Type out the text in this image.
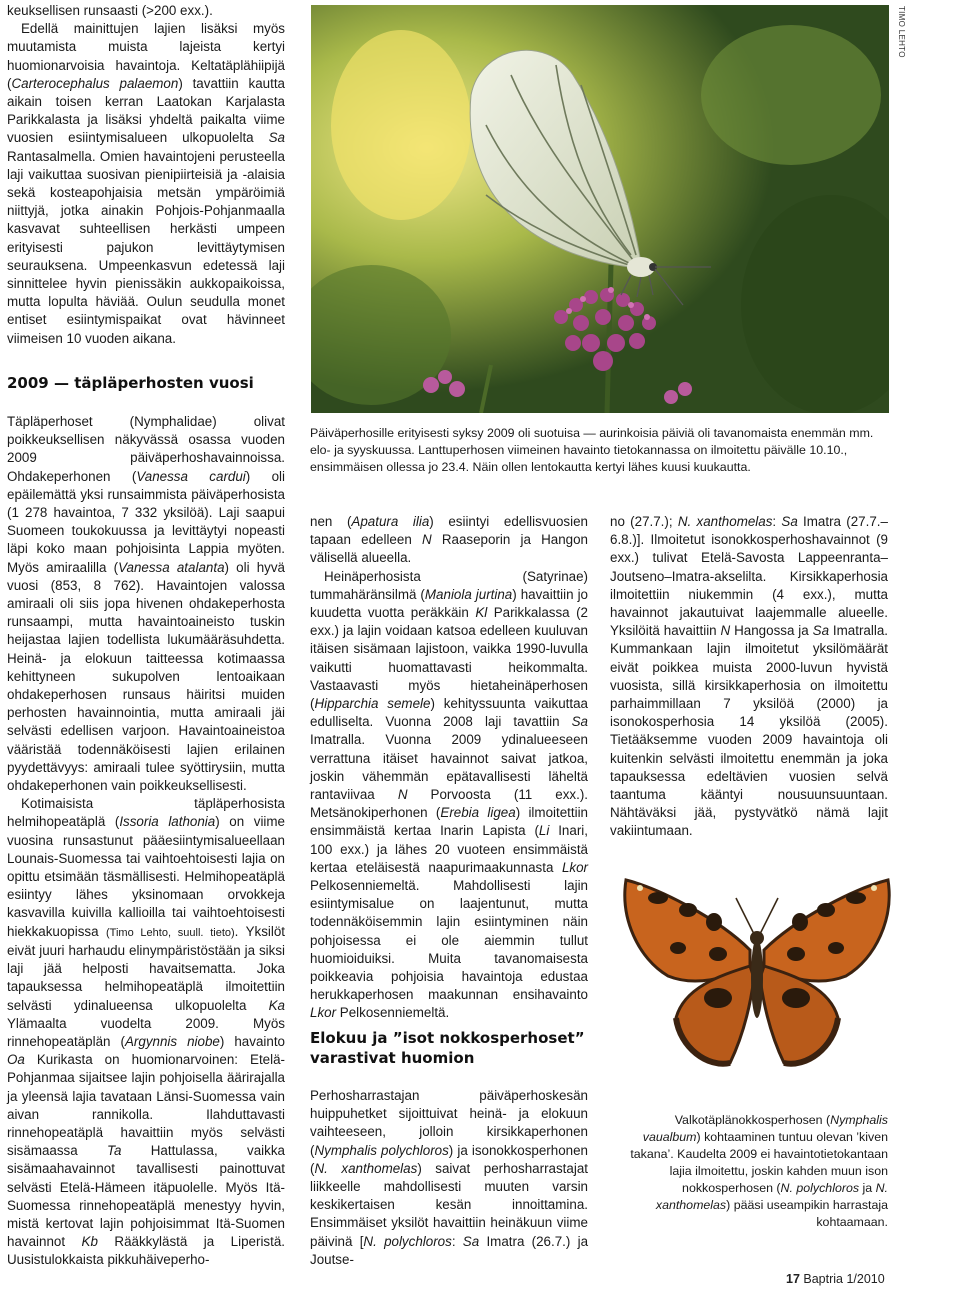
keuksellisen runsaasti (>200 exx.).

Edellä mainittujen lajien lisäksi myös muutamista muista lajeista kertyi huomionarvoisia havaintoja. Keltatäplähiipijä (Carterocephalus palaemon) tavattiin kautta aikain toisen kerran Laatokan Karjalasta Parikkalasta ja lisäksi yhdeltä paikalta viime vuosien esiintymisalueen ulkopuolelta Sa Rantasalmella. Omien havaintojeni perusteella laji vaikuttaa suosivan pienipiirteisiä ja -alaisia sekä kosteapohjaisia metsän ympäröimiä niittyjä, jotka ainakin Pohjois-Pohjanmaalla kasvavat suhteellisen herkästi umpeen erityisesti pajukon levittäytymisen seurauksena. Umpeenkasvun edetessä laji sinnittelee hyvin pienissäkin aukkopaikoissa, mutta lopulta häviää. Oulun seudulla monet entiset esiintymispaikat ovat hävinneet viimeisen 10 vuoden aikana.

2009 — täpläperhosten vuosi

Täpläperhoset (Nymphalidae) olivat poikkeuksellisen näkyvässä osassa vuoden 2009 päiväperhoshavainnoissa. Ohdakeperhonen (Vanessa cardui) oli epäilemättä yksi runsaimmista päiväperhosista (1 278 havaintoa, 7 332 yksilöä). Laji saapui Suomeen toukokuussa ja levittäytyi nopeasti läpi koko maan pohjoisinta Lappia myöten. Myös amiraalilla (Vanessa atalanta) oli hyvä vuosi (853, 8 762). Havaintojen valossa amiraali oli siis jopa hivenen ohdakeperhosta runsaampi, mutta havaintoaineisto tuskin heijastaa lajien todellista lukumääräsuhdetta. Heinä- ja elokuun taitteessa kotimaassa kehittyneen sukupolven lentoaikaan ohdakeperhosen runsaus häiritsi muiden perhosten havainnointia, mutta amiraali jäi selvästi edellisen varjoon. Havaintoaineistoa vääristää todennäköisesti lajien erilainen pyydettävyys: amiraali tulee syöttirysiin, mutta ohdakeperhonen vain poikkeuksellisesti.

Kotimaisista täpläperhosista helmihopeatäplä (Issoria lathonia) on viime vuosina runsastunut pääesiintymisalueellaan Lounais-Suomessa tai vaihtoehtoisesti lajia on opittu etsimään täsmällisesti. Helmihopeatäplä esiintyy lähes yksinomaan orvokkeja kasvavilla kuivilla kallioilla tai vaihtoehtoisesti hiekkakuopissa (Timo Lehto, suull. tieto). Yksilöt eivät juuri harhaudu elinympäristöstään ja siksi laji jää helposti havaitsematta. Joka tapauksessa helmihopeatäplä ilmoitettiin selvästi ydinalueensa ulkopuolelta Ka Ylämaalta vuodelta 2009. Myös rinnehopeatäplän (Argynnis niobe) havainto Oa Kurikasta on huomionarvoinen: Etelä-Pohjanmaa sijaitsee lajin pohjoisella äärirajalla ja yleensä lajia tavataan Länsi-Suomessa vain aivan rannikolla. Ilahduttavasti rinnehopeatäplä havaittiin myös selvästi sisämaassa Ta Hattulassa, vaikka sisämaahavainnot tavallisesti painottuvat selvästi Etelä-Hämeen itäpuolelle. Myös Itä-Suomessa rinnehopeatäplä menestyy hyvin, mistä kertovat lajin pohjoisimmat Itä-Suomen havainnot Kb Rääkkylästä ja Liperistä. Uusistulokkaista pikkuhäiveperho-

TIMO LEHTO
Päiväperhosille erityisesti syksy 2009 oli suotuisa — aurinkoisia päiviä oli tavanomaista enemmän mm. elo- ja syyskuussa. Lanttuperhosen viimeinen havainto tietokannassa on ilmoitettu päivälle 10.10., ensimmäisen ollessa jo 23.4. Näin ollen lentokautta kertyi lähes kuusi kuukautta.

nen (Apatura ilia) esiintyi edellisvuosien tapaan edelleen N Raaseporin ja Hangon välisellä alueella.

Heinäperhosista (Satyrinae) tummahäränsilmä (Maniola jurtina) havaittiin jo kuudetta vuotta peräkkäin Kl Parikkalassa (2 exx.) ja lajin voidaan katsoa edelleen kuuluvan itäisen sisämaan lajistoon, vaikka 1990-luvulla vaikutti huomattavasti heikommalta. Vastaavasti myös hietaheinäperhosen (Hipparchia semele) kehityssuunta vaikuttaa edulliselta. Vuonna 2008 laji tavattiin Sa Imatralla. Vuonna 2009 ydinalueeseen verrattuna itäiset havainnot saivat jatkoa, joskin vähemmän epätavallisesti läheltä rantaviivaa N Porvoosta (11 exx.). Metsänokiperhonen (Erebia ligea) ilmoitettiin ensimmäistä kertaa Inarin Lapista (Li Inari, 100 exx.) ja lähes 20 vuoteen ensimmäistä kertaa eteläisestä naapurimaakunnasta Lkor Pelkosenniemeltä. Mahdollisesti lajin esiintymisalue on laajentunut, mutta todennäköisemmin lajin esiintyminen näin pohjoisessa ei ole aiemmin tullut huomioiduiksi. Muita tavanomaisesta poikkeavia pohjoisia havaintoja edustaa herukkaperhosen maakunnan ensihavainto Lkor Pelkosenniemeltä.

Elokuu ja ”isot nokkosperhoset” varastivat huomion

Perhosharrastajan päiväperhoskesän huippuhetket sijoittuivat heinä- ja elokuun vaihteeseen, jolloin kirsikkaperhonen (Nymphalis polychloros) ja isonokkosperhonen (N. xanthomelas) saivat perhosharrastajat liikkeelle mahdollisesti muuten varsin keskikertaisen kesän innoittamina. Ensimmäiset yksilöt havaittiin heinäkuun viime päivinä [N. polychloros: Sa Imatra (26.7.) ja Joutse-

no (27.7.); N. xanthomelas: Sa Imatra (27.7.–6.8.)]. Ilmoitetut isonokkosperhoshavainnot (9 exx.) tulivat Etelä-Savosta Lappeenranta–Joutseno–Imatra-akselilta. Kirsikkaperhosia ilmoitettiin niukemmin (4 exx.), mutta havainnot jakautuivat laajemmalle alueelle. Yksilöitä havaittiin N Hangossa ja Sa Imatralla. Kummankaan lajin ilmoitetut yksilömäärät eivät poikkea muista 2000-luvun hyvistä vuosista, sillä kirsikkaperhosia on ilmoitettu parhaimmillaan 7 yksilöä (2000) ja isonokosperhosia 14 yksilöä (2005). Tietääksemme vuoden 2009 havaintoja oli kuitenkin selvästi ilmoitettu enemmän ja joka tapauksessa edeltävien vuosien selvä taantuma kääntyi nousuunsuuntaan. Nähtäväksi jää, pystyvätkö nämä lajit vakiintumaan.

Valkotäplänokkosperhosen (Nymphalis vaualbum) kohtaaminen tuntuu olevan ’kiven takana’. Kaudelta 2009 ei havaintotietokantaan lajia ilmoitettu, joskin kahden muun ison nokkosperhosen (N. polychloros ja N. xanthomelas) pääsi useampikin harrastaja kohtaamaan.
17 Baptria 1/2010
